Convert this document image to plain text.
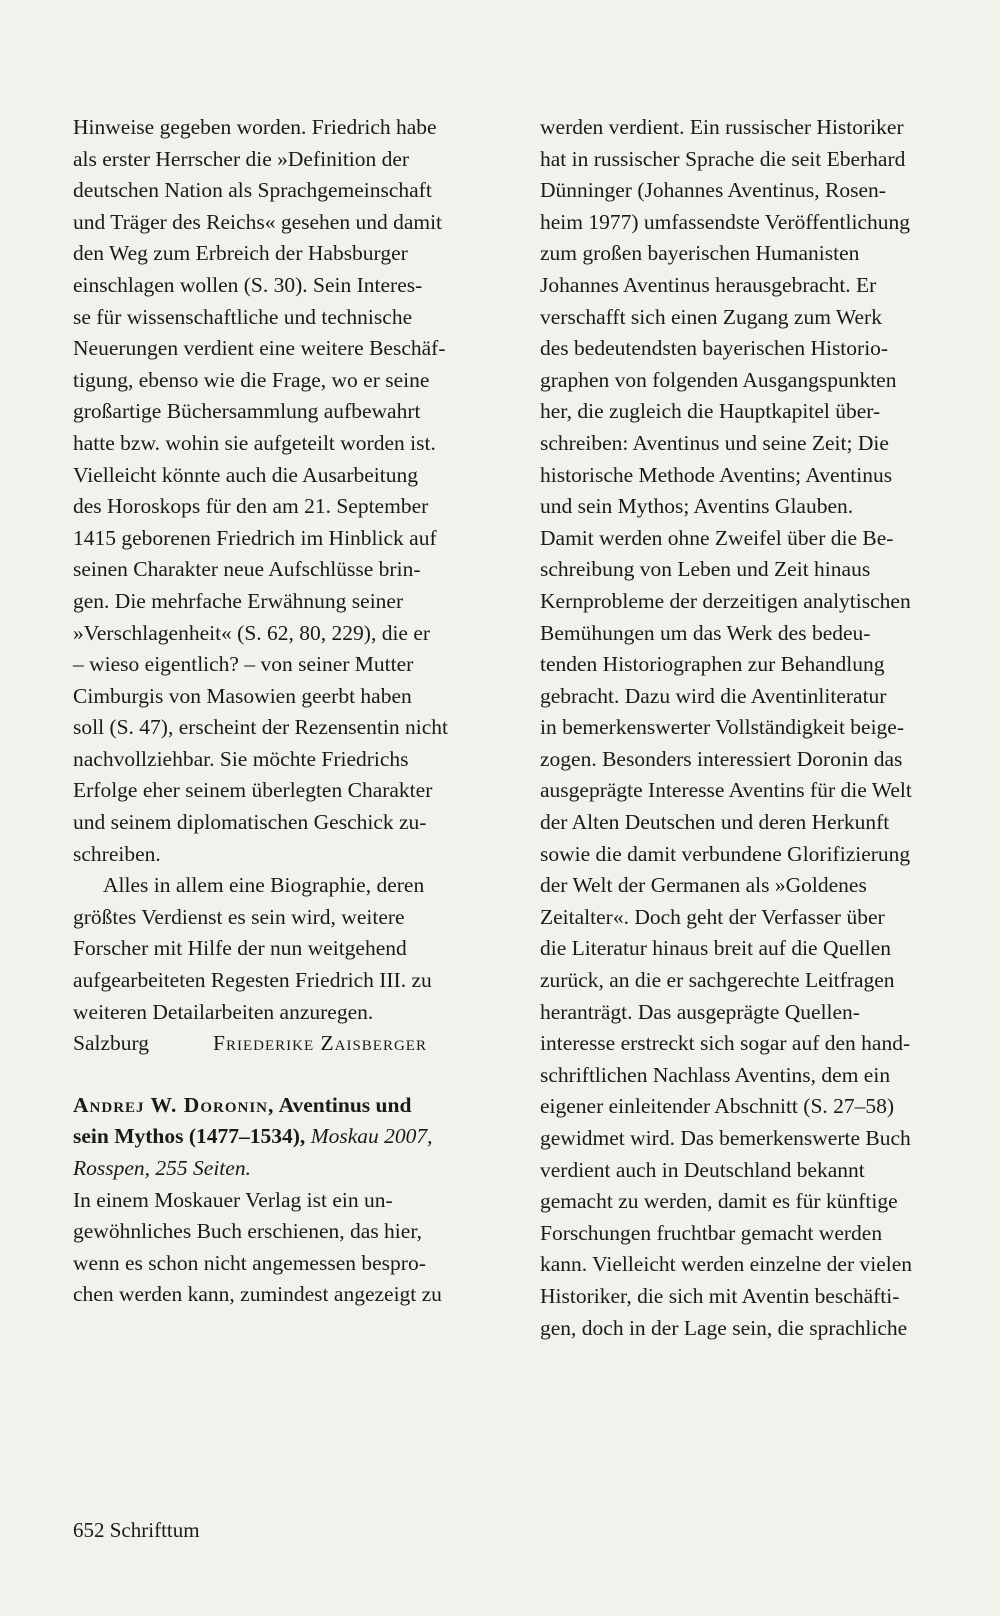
Hinweise gegeben worden. Friedrich habe
als erster Herrscher die »Definition der
deutschen Nation als Sprachgemeinschaft
und Träger des Reichs« gesehen und damit
den Weg zum Erbreich der Habsburger
einschlagen wollen (S. 30). Sein Interes-
se für wissenschaftliche und technische
Neuerungen verdient eine weitere Beschäf-
tigung, ebenso wie die Frage, wo er seine
großartige Büchersammlung aufbewahrt
hatte bzw. wohin sie aufgeteilt worden ist.
Vielleicht könnte auch die Ausarbeitung
des Horoskops für den am 21. September
1415 geborenen Friedrich im Hinblick auf
seinen Charakter neue Aufschlüsse brin-
gen. Die mehrfache Erwähnung seiner
»Verschlagenheit« (S. 62, 80, 229), die er
– wieso eigentlich? – von seiner Mutter
Cimburgis von Masowien geerbt haben
soll (S. 47), erscheint der Rezensentin nicht
nachvollziehbar. Sie möchte Friedrichs
Erfolge eher seinem überlegten Charakter
und seinem diplomatischen Geschick zu-
schreiben.
Alles in allem eine Biographie, deren
größtes Verdienst es sein wird, weitere
Forscher mit Hilfe der nun weitgehend
aufgearbeiteten Regesten Friedrich III. zu
weiteren Detailarbeiten anzuregen.
Salzburg	Friederike Zaisberger
Andrej W. Doronin, Aventinus und
sein Mythos (1477–1534), Moskau 2007,
Rosspen, 255 Seiten.
In einem Moskauer Verlag ist ein un-
gewöhnliches Buch erschienen, das hier,
wenn es schon nicht angemessen bespro-
chen werden kann, zumindest angezeigt zu
werden verdient. Ein russischer Historiker
hat in russischer Sprache die seit Eberhard
Dünninger (Johannes Aventinus, Rosen-
heim 1977) umfassendste Veröffentlichung
zum großen bayerischen Humanisten
Johannes Aventinus herausgebracht. Er
verschafft sich einen Zugang zum Werk
des bedeutendsten bayerischen Historio-
graphen von folgenden Ausgangspunkten
her, die zugleich die Hauptkapitel über-
schreiben: Aventinus und seine Zeit; Die
historische Methode Aventins; Aventinus
und sein Mythos; Aventins Glauben.
Damit werden ohne Zweifel über die Be-
schreibung von Leben und Zeit hinaus
Kernprobleme der derzeitigen analytischen
Bemühungen um das Werk des bedeu-
tenden Historiographen zur Behandlung
gebracht. Dazu wird die Aventinliteratur
in bemerkenswerter Vollständigkeit beige-
zogen. Besonders interessiert Doronin das
ausgeprägte Interesse Aventins für die Welt
der Alten Deutschen und deren Herkunft
sowie die damit verbundene Glorifizierung
der Welt der Germanen als »Goldenes
Zeitalter«. Doch geht der Verfasser über
die Literatur hinaus breit auf die Quellen
zurück, an die er sachgerechte Leitfragen
heranträgt. Das ausgeprägte Quellen-
interesse erstreckt sich sogar auf den hand-
schriftlichen Nachlass Aventins, dem ein
eigener einleitender Abschnitt (S. 27–58)
gewidmet wird. Das bemerkenswerte Buch
verdient auch in Deutschland bekannt
gemacht zu werden, damit es für künftige
Forschungen fruchtbar gemacht werden
kann. Vielleicht werden einzelne der vielen
Historiker, die sich mit Aventin beschäfti-
gen, doch in der Lage sein, die sprachliche
652 Schrifttum
